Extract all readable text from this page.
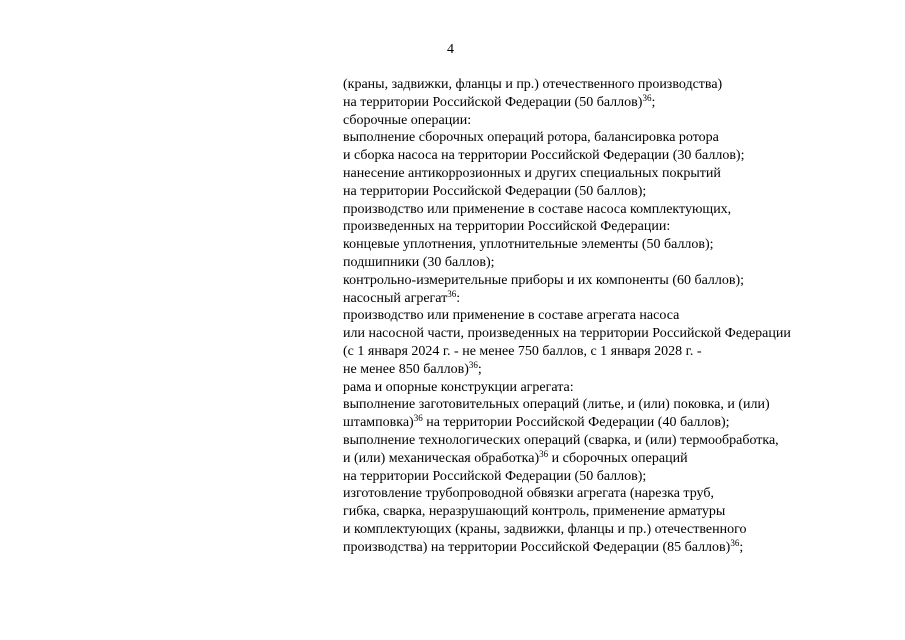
4
(краны, задвижки, фланцы и пр.) отечественного производства)
на территории Российской Федерации (50 баллов)$^{36}$;
сборочные операции:
выполнение сборочных операций ротора, балансировка ротора
и сборка насоса на территории Российской Федерации (30 баллов);
нанесение антикоррозионных и других специальных покрытий
на территории Российской Федерации (50 баллов);
производство или применение в составе насоса комплектующих,
произведенных на территории Российской Федерации:
концевые уплотнения, уплотнительные элементы (50 баллов);
подшипники (30 баллов);
контрольно-измерительные приборы и их компоненты (60 баллов);
насосный агрегат$^{36}$:
производство или применение в составе агрегата насоса
или насосной части, произведенных на территории Российской Федерации
(с 1 января 2024 г. - не менее 750 баллов, с 1 января 2028 г. -
не менее 850 баллов)$^{36}$;
рама и опорные конструкции агрегата:
выполнение заготовительных операций (литье, и (или) поковка, и (или)
штамповка)$^{36}$ на территории Российской Федерации (40 баллов);
выполнение технологических операций (сварка, и (или) термообработка,
и (или) механическая обработка)$^{36}$ и сборочных операций
на территории Российской Федерации (50 баллов);
изготовление трубопроводной обвязки агрегата (нарезка труб,
гибка, сварка, неразрушающий контроль, применение арматуры
и комплектующих (краны, задвижки, фланцы и пр.) отечественного
производства) на территории Российской Федерации (85 баллов)$^{36}$;
